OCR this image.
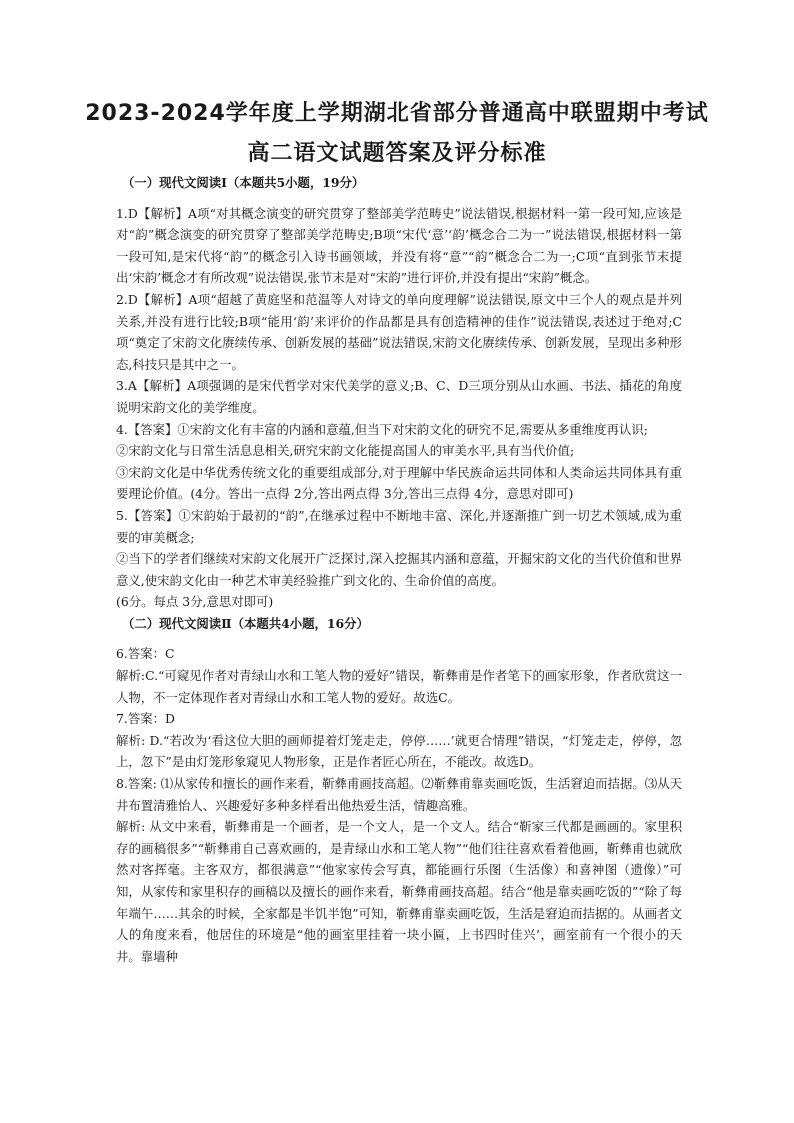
2023-2024学年度上学期湖北省部分普通高中联盟期中考试
高二语文试题答案及评分标准

（一）现代文阅读Ⅰ（本题共5小题，19分）

1.D【解析】A项“对其概念演变的研究贯穿了整部美学范畴史”说法错误,根据材料一第一段可知,应该是对“韵”概念演变的研究贯穿了整部美学范畴史;B项“宋代‘意’‘韵’概念合二为一”说法错误,根据材料一第一段可知,是宋代将“韵”的概念引入诗书画领域，并没有将“意”“韵”概念合二为一;C项“直到张节末提出‘宋韵’概念才有所改观”说法错误,张节末是对“宋韵”进行评价,并没有提出“宋韵”概念。

2.D【解析】A项“超越了黄庭坚和范温等人对诗文的单向度理解”说法错误,原文中三个人的观点是并列关系,并没有进行比较;B项“能用‘韵’来评价的作品都是具有创造精神的佳作”说法错误,表述过于绝对;C项“奠定了宋韵文化赓续传承、创新发展的基础”说法错误,宋韵文化赓续传承、创新发展，呈现出多种形态,科技只是其中之一。

3.A【解析】A项强调的是宋代哲学对宋代美学的意义;B、C、D三项分别从山水画、书法、插花的角度说明宋韵文化的美学维度。

4.【答案】①宋韵文化有丰富的内涵和意蕴,但当下对宋韵文化的研究不足,需要从多重维度再认识;

②宋韵文化与日常生活息息相关,研究宋韵文化能提高国人的审美水平,具有当代价值;

③宋韵文化是中华优秀传统文化的重要组成部分,对于理解中华民族命运共同体和人类命运共同体具有重要理论价值。(4分。答出一点得 2分,答出两点得 3分,答出三点得 4分，意思对即可)

5.【答案】①宋韵始于最初的“韵”,在继承过程中不断地丰富、深化,并逐渐推广到一切艺术领域,成为重要的审美概念;

②当下的学者们继续对宋韵文化展开广泛探讨,深入挖掘其内涵和意蕴，开掘宋韵文化的当代价值和世界意义,使宋韵文化由一种艺术审美经验推广到文化的、生命价值的高度。

(6分。每点 3分,意思对即可)

（二）现代文阅读Ⅱ（本题共4小题，16分）

6.答案：C

解析:C.“可窥见作者对青绿山水和工笔人物的爱好”错误，靳彝甫是作者笔下的画家形象，作者欣赏这一人物，不一定体现作者对青绿山水和工笔人物的爱好。故选C。

7.答案：D

解析: D.“若改为‘看这位大胆的画师提着灯笼走走，停停……’就更合情理”错误，“灯笼走走，停停，忽上，忽下”是由灯笼形象窥见人物形象，正是作者匠心所在，不能改。故选D。

8.答案: ⑴从家传和擅长的画作来看，靳彝甫画技高超。⑵靳彝甫靠卖画吃饭，生活窘迫而拮据。⑶从天井布置清雅怡人、兴趣爱好多种多样看出他热爱生活，情趣高雅。

解析: 从文中来看，靳彝甫是一个画者，是一个文人，是一个文人。结合“靳家三代都是画画的。家里积存的画稿很多”“靳彝甫自己喜欢画的，是青绿山水和工笔人物”“他们往往喜欢看着他画，靳彝甫也就欣然对客挥毫。主客双方，都很满意”“他家家传会写真，都能画行乐图（生活像）和喜神图（遗像）”可知，从家传和家里积存的画稿以及擅长的画作来看，靳彝甫画技高超。结合“他是靠卖画吃饭的”“除了每年端午……其余的时候，全家都是半饥半饱”可知，靳彝甫靠卖画吃饭，生活是窘迫而拮据的。从画者文人的角度来看，他居住的环境是“他的画室里挂着一块小匾，上书四时佳兴’，画室前有一个很小的天井。靠墙种
